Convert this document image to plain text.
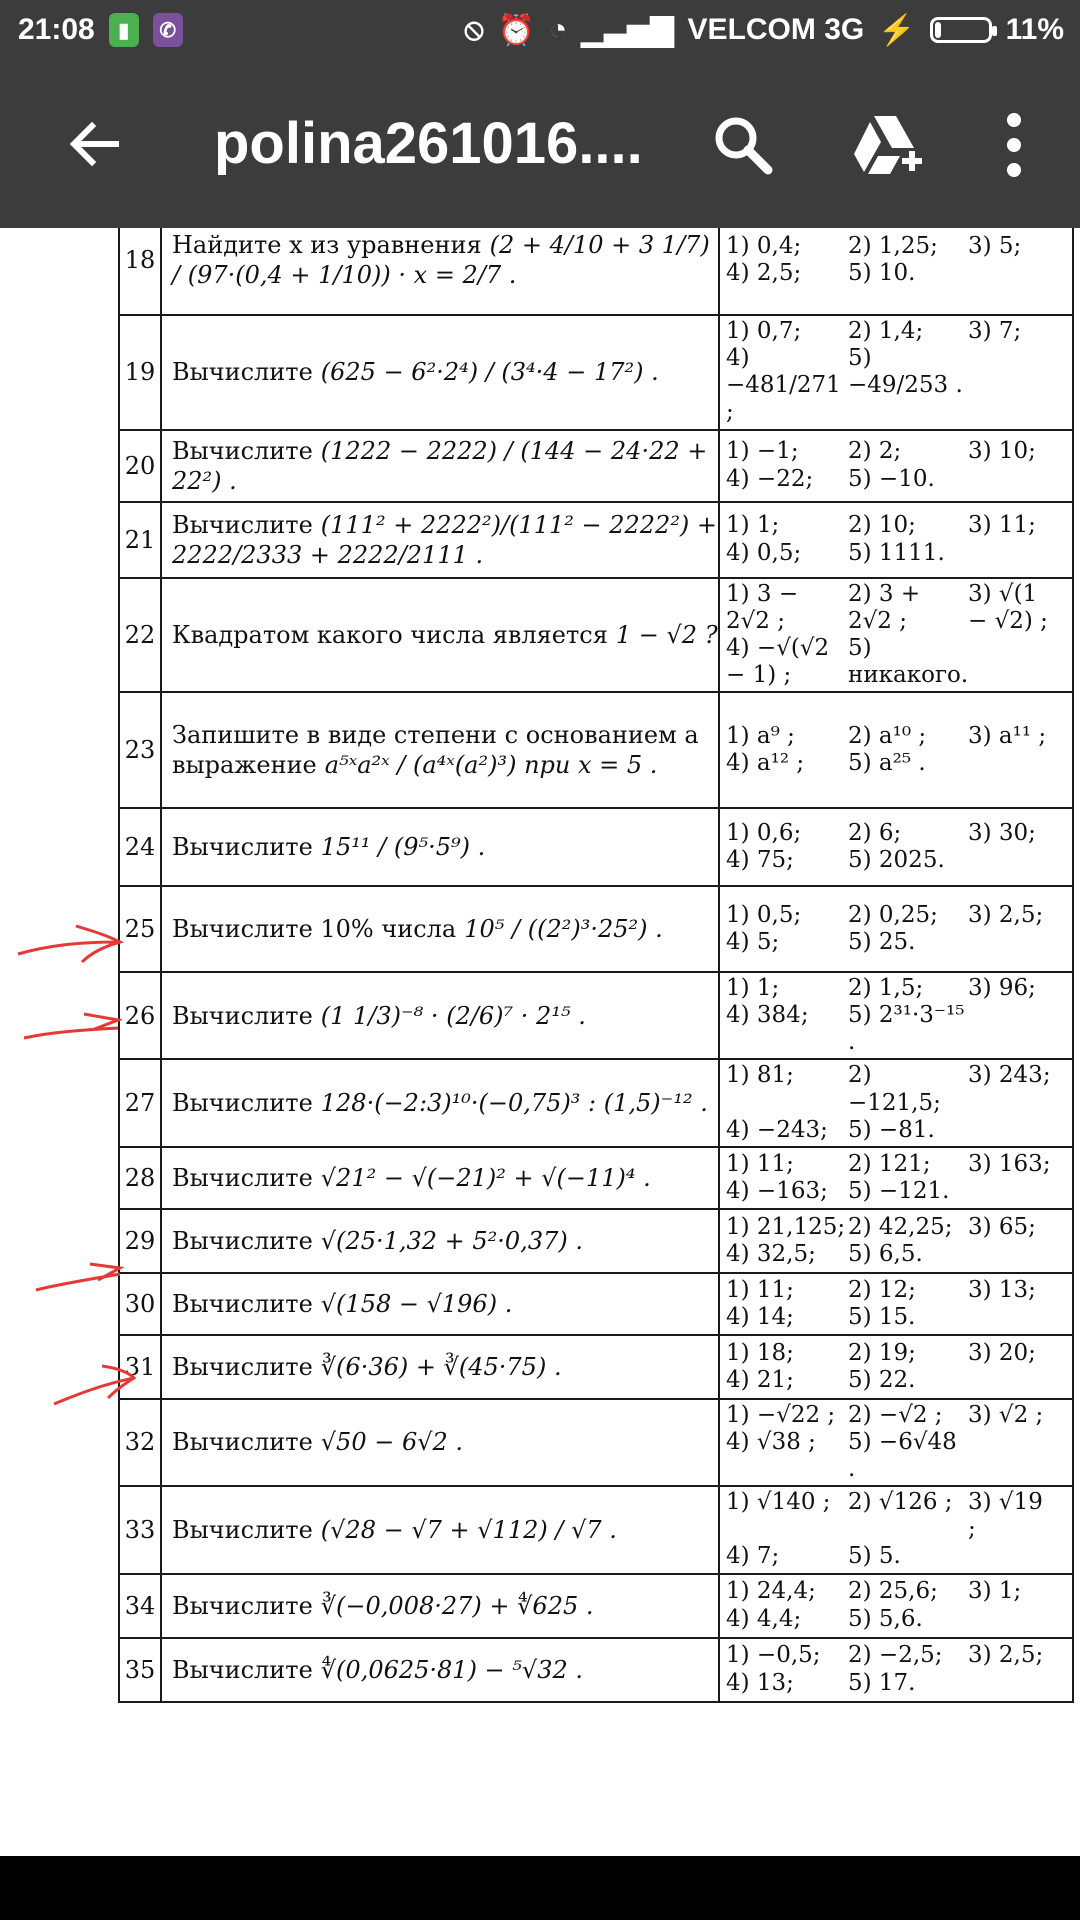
21:08	▮	✆	⦸ ⏰ ◔ ▁▃▅▇ VELCOM 3G ⚡	11%
polina261016....
18	Найдите x из уравнения (2 + 4/10 + 3 1/7) / (97·(0,4 + 1/10)) · x = 2/7 .	1) 0,4; 2) 1,25; 3) 5;
4) 2,5; 5) 10.

19	Вычислите (625 − 6²·2⁴) / (3⁴·4 − 17²) .	1) 0,7; 2) 1,4; 3) 7;
4) −481/271 ;
5) −49/253 .

20	Вычислите (1222 − 2222) / (144 − 24·22 + 22²) .	1) −1; 2) 2; 3) 10;
4) −22; 5) −10.

21	Вычислите (111² + 2222²)/(111² − 2222²) + 2222/2333 + 2222/2111 .	1) 1; 2) 10; 3) 11;
4) 0,5; 5) 1111.

22	Квадратом какого числа является 1 − √2 ?	1) 3 − 2√2 ;
2) 3 + 2√2 ;
3) √(1 − √2) ;
4) −√(√2 − 1) ;
5) никакого.

23	Запишите в виде степени с основанием a выражение a⁵ˣa²ˣ / (a⁴ˣ(a²)³) при x = 5 .	1) a⁹ ; 2) a¹⁰ ; 3) a¹¹ ;
4) a¹² ; 5) a²⁵ .

24	Вычислите 15¹¹ / (9⁵·5⁹) .	1) 0,6; 2) 6; 3) 30;
4) 75; 5) 2025.

25	Вычислите 10% числа 10⁵ / ((2²)³·25²) .	1) 0,5; 2) 0,25; 3) 2,5;
4) 5; 5) 25.

26	Вычислите (1 1/3)⁻⁸ · (2/6)⁷ · 2¹⁵ .	1) 1; 2) 1,5; 3) 96;
4) 384; 5) 2³¹·3⁻¹⁵ .

27	Вычислите 128·(−2:3)¹⁰·(−0,75)³ : (1,5)⁻¹² .	1) 81; 2) −121,5;
3) 243;
4) −243; 5) −81.

28	Вычислите √21² − √(−21)² + √(−11)⁴ .	1) 11; 2) 121; 3) 163;
4) −163; 5) −121.

29	Вычислите √(25·1,32 + 5²·0,37) .	1) 21,125; 2) 42,25; 3) 65;
4) 32,5; 5) 6,5.

30	Вычислите √(158 − √196) .	1) 11; 2) 12; 3) 13;
4) 14; 5) 15.

31	Вычислите ∛(6·36) + ∛(45·75) .	1) 18; 2) 19; 3) 20;
4) 21; 5) 22.

32	Вычислите √50 − 6√2 .	1) −√22 ; 2) −√2 ; 3) √2 ;
4) √38 ; 5) −6√48 .

33	Вычислите (√28 − √7 + √112) / √7 .	1) √140 ; 2) √126 ; 3) √19 ;
4) 7; 5) 5.

34	Вычислите ∛(−0,008·27) + ∜625 .	1) 24,4; 2) 25,6; 3) 1;
4) 4,4; 5) 5,6.

35	Вычислите ∜(0,0625·81) − ⁵√32 .	1) −0,5; 2) −2,5; 3) 2,5;
4) 13; 5) 17.
